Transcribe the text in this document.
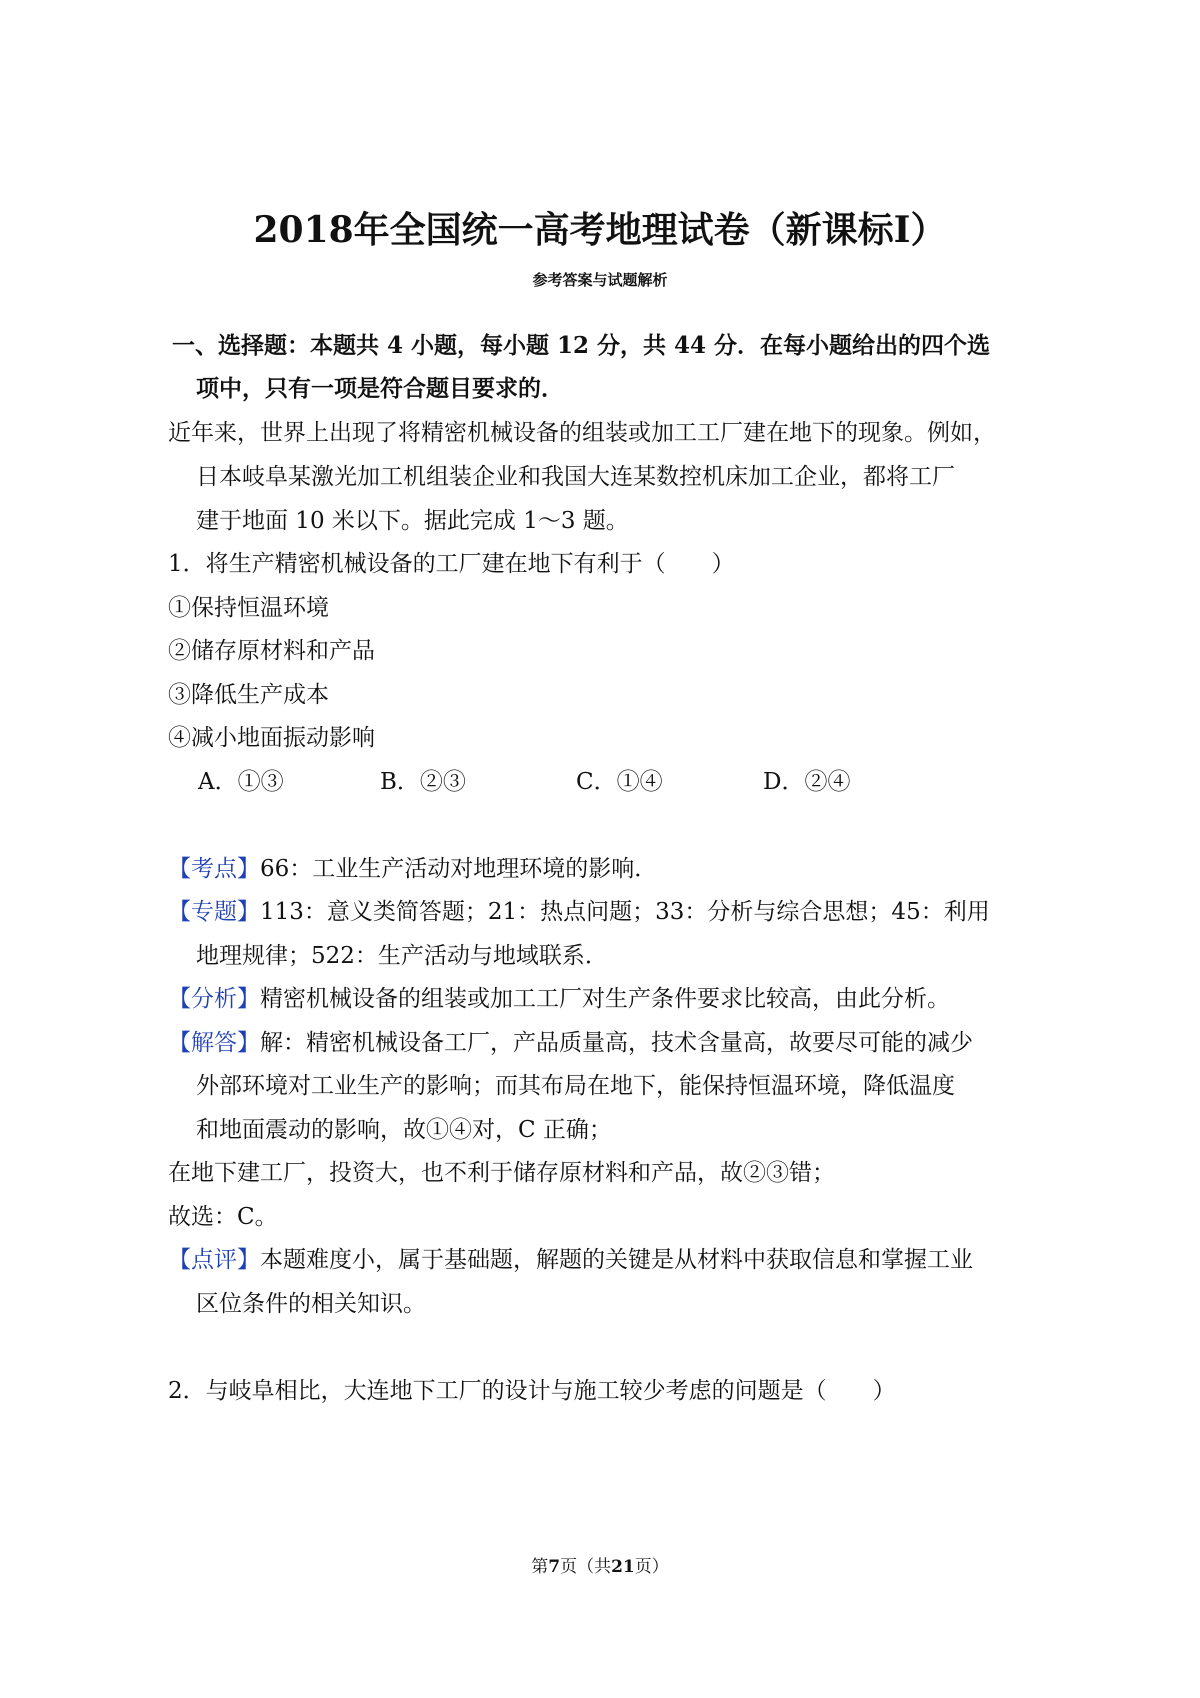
2018年全国统一高考地理试卷（新课标Ⅰ）
参考答案与试题解析
一、选择题：本题共 4 小题，每小题 12 分，共 44 分．在每小题给出的四个选
项中，只有一项是符合题目要求的．
近年来，世界上出现了将精密机械设备的组装或加工工厂建在地下的现象。例如，
日本岐阜某激光加工机组装企业和我国大连某数控机床加工企业，都将工厂
建于地面 10 米以下。据此完成 1～3 题。
1．将生产精密机械设备的工厂建在地下有利于（　　）
①保持恒温环境
②储存原材料和产品
③降低生产成本
④减小地面振动影响
A．①③	B．②③	C．①④	D．②④
【考点】66：工业生产活动对地理环境的影响．
【专题】113：意义类简答题；21：热点问题；33：分析与综合思想；45：利用
地理规律；522：生产活动与地域联系．
【分析】精密机械设备的组装或加工工厂对生产条件要求比较高，由此分析。
【解答】解：精密机械设备工厂，产品质量高，技术含量高，故要尽可能的减少
外部环境对工业生产的影响；而其布局在地下，能保持恒温环境，降低温度
和地面震动的影响，故①④对，C 正确；
在地下建工厂，投资大，也不利于储存原材料和产品，故②③错；
故选：C。
【点评】本题难度小，属于基础题，解题的关键是从材料中获取信息和掌握工业
区位条件的相关知识。
2．与岐阜相比，大连地下工厂的设计与施工较少考虑的问题是（　　）
第7页（共21页）
